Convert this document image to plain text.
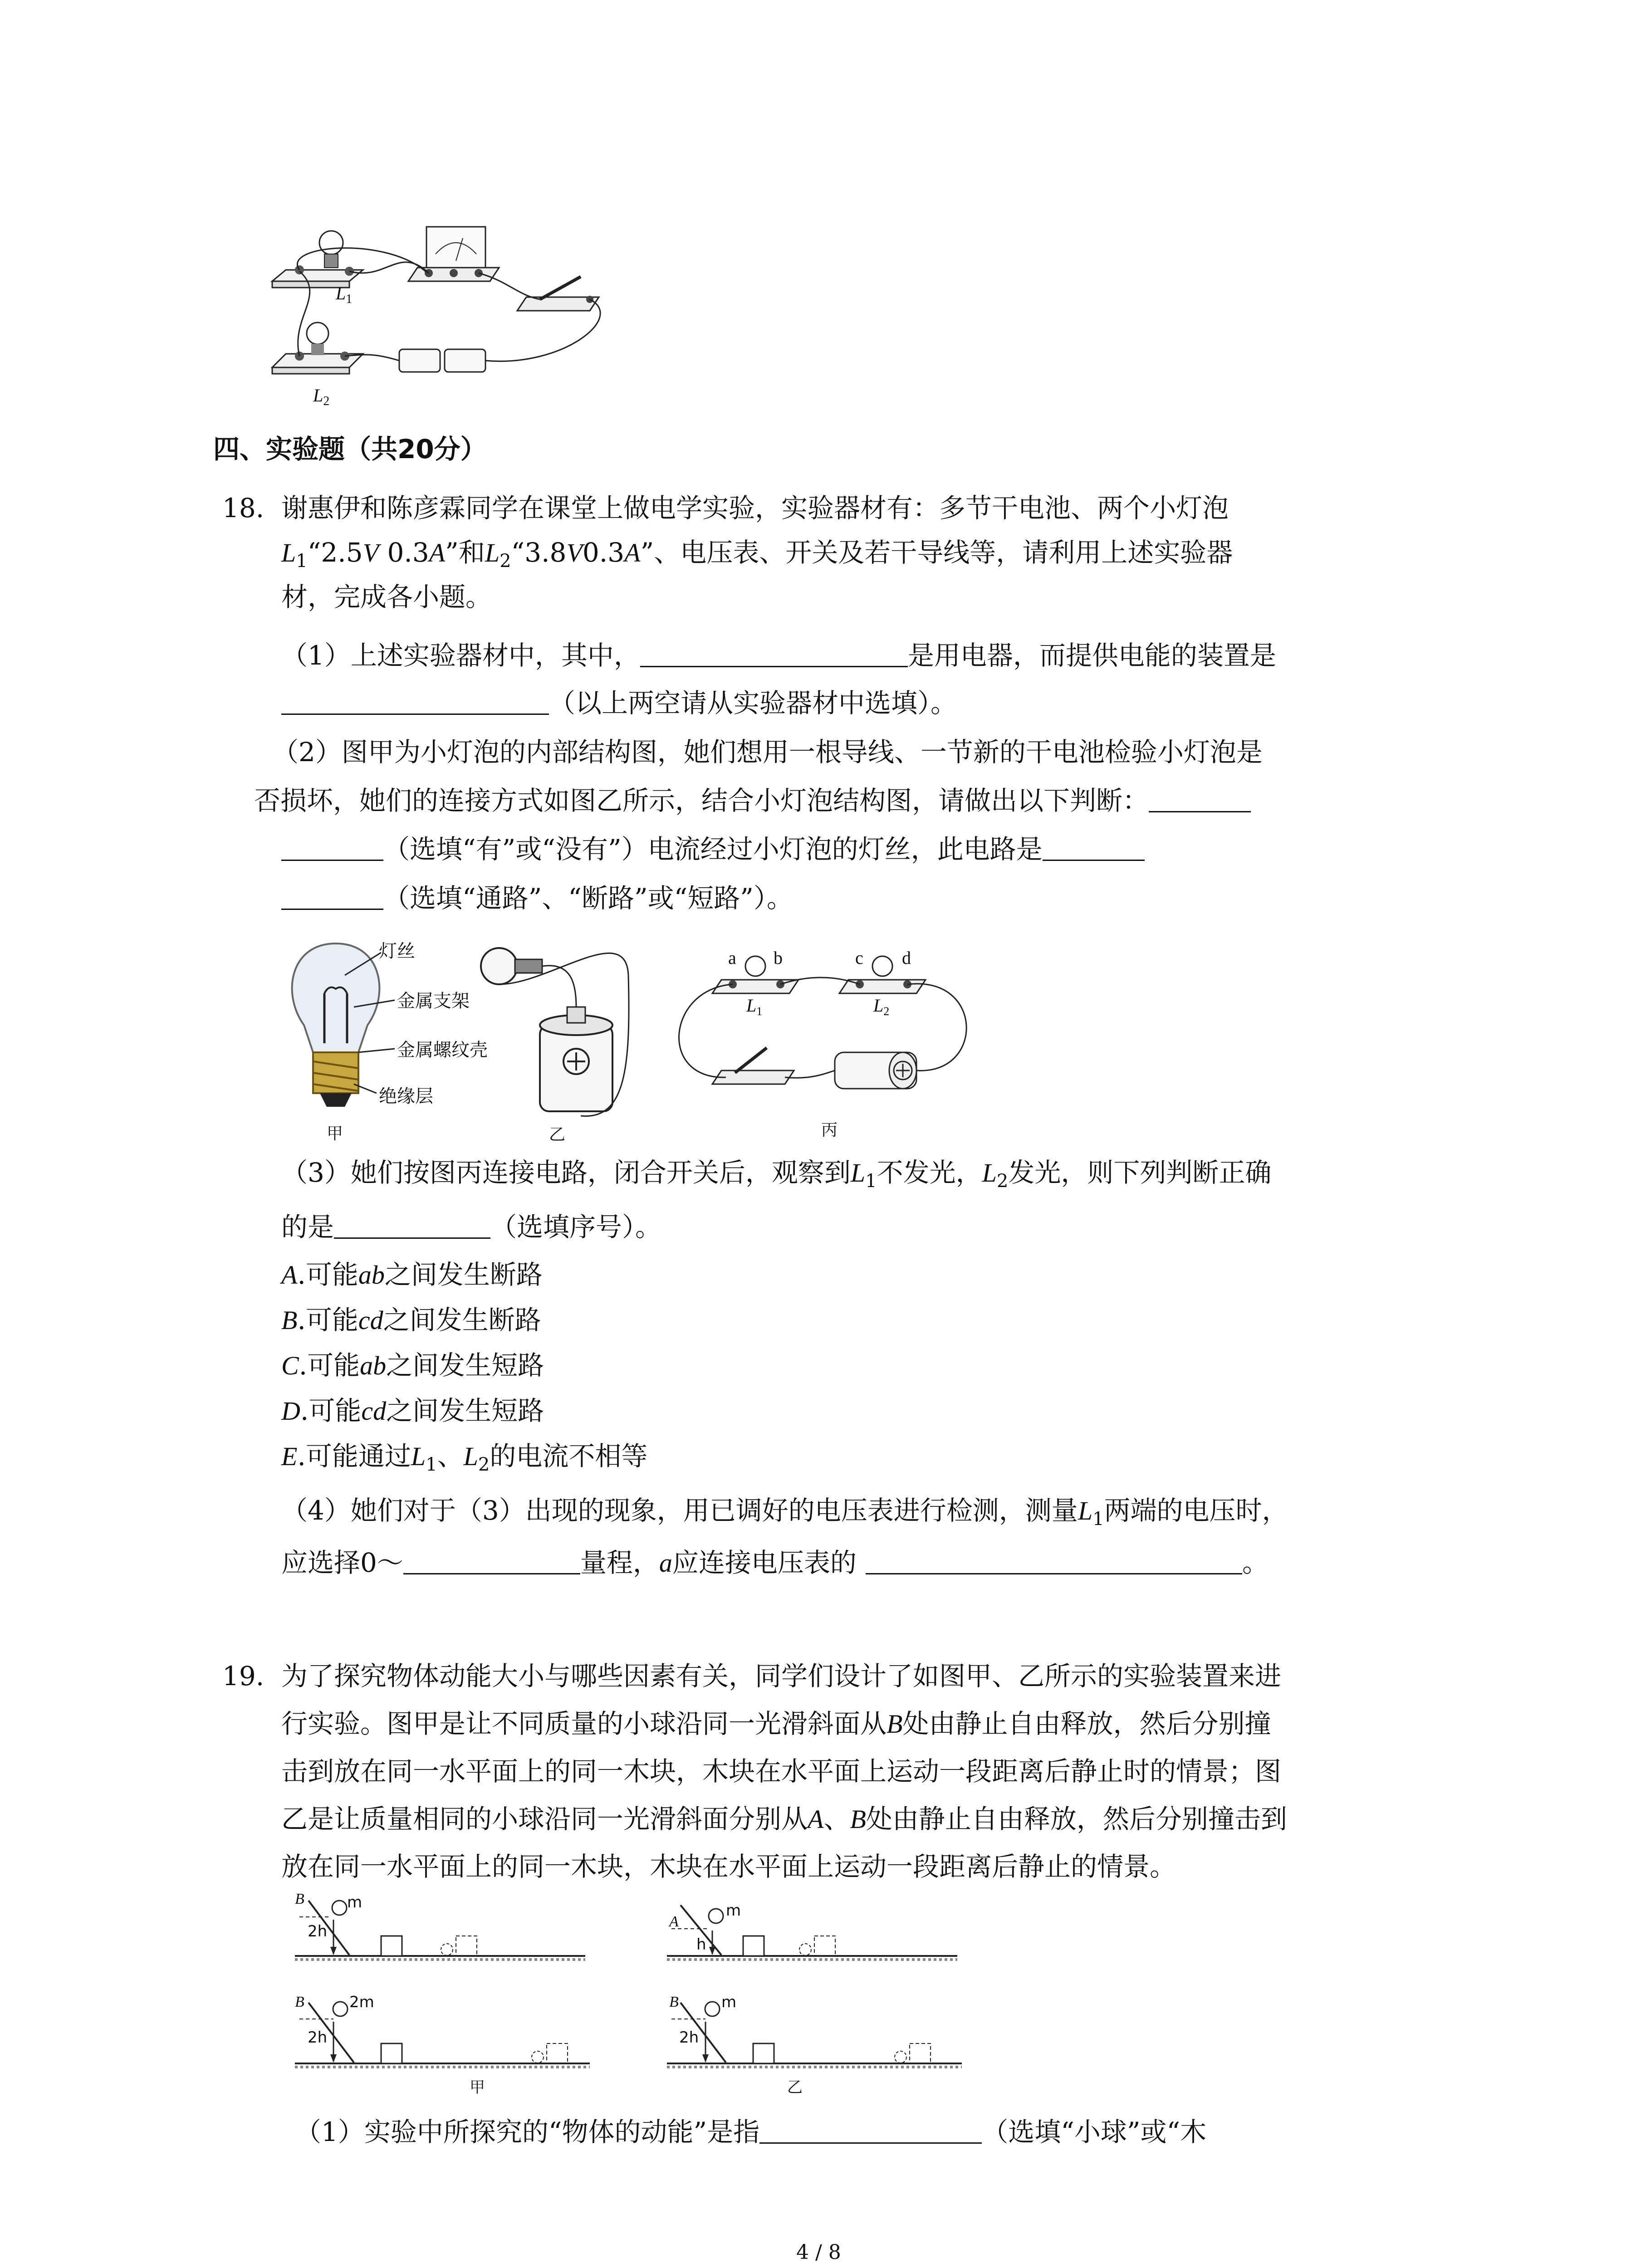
$L_1$
$L_2$
四、实验题（共20分）
18. 谢惠伊和陈彦霖同学在课堂上做电学实验，实验器材有：多节干电池、两个小灯泡
$L_1“2.5V$ 0.3A”和$L_2“3.8V0.3A$”、电压表、开关及若干导线等，请利用上述实验器
材，完成各小题。
（1）上述实验器材中，其中，	是用电器，而提供电能的装置是
（以上两空请从实验器材中选填）。
（2）图甲为小灯泡的内部结构图，她们想用一根导线、一节新的干电池检验小灯泡是
否损坏，她们的连接方式如图乙所示，结合小灯泡结构图，请做出以下判断：
（选填“有”或“没有”）电流经过小灯泡的灯丝，此电路是
（选填“通路”、“断路”或“短路”）。
灯丝
金属支架
金属螺纹壳
绝缘层
甲	乙
a b	c d
$L_1$	$L_2$
丙
（3）她们按图丙连接电路，闭合开关后，观察到$L_1$不发光，$L_2$发光，则下列判断正确
的是	（选填序号）。
A.可能ab之间发生断路
B.可能cd之间发生断路
C.可能ab之间发生短路
D.可能cd之间发生短路
E.可能通过$L_1$、$L_2$的电流不相等
（4）她们对于（3）出现的现象，用已调好的电压表进行检测，测量$L_1$两端的电压时，
应选择0～	量程，a应连接电压表的	。
19. 为了探究物体动能大小与哪些因素有关，同学们设计了如图甲、乙所示的实验装置来进
行实验。图甲是让不同质量的小球沿同一光滑斜面从B处由静止自由释放，然后分别撞
击到放在同一水平面上的同一木块，木块在水平面上运动一段距离后静止时的情景；图
乙是让质量相同的小球沿同一光滑斜面分别从A、B处由静止自由释放，然后分别撞击到
放在同一水平面上的同一木块，木块在水平面上运动一段距离后静止的情景。
B	m
2h
B	2m
2h
甲
A
m
h
B	m
2h
乙
（1）实验中所探究的“物体的动能”是指	（选填“小球”或“木
4 / 8
